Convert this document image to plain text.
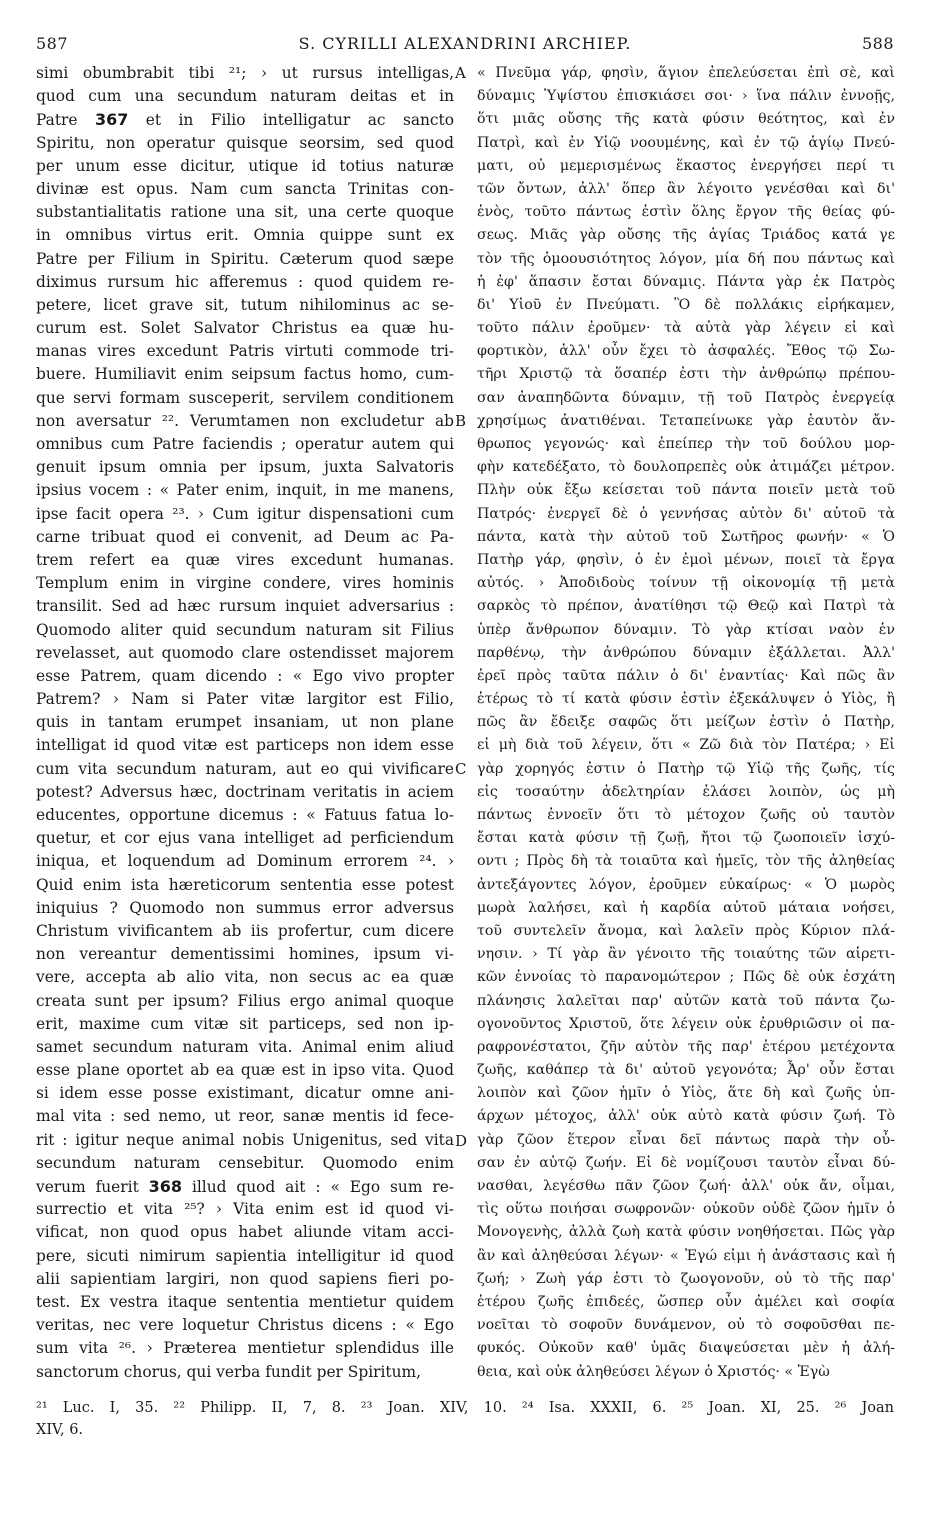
587	S. CYRILLI ALEXANDRINI ARCHIEP.	588
simi obumbrabit tibi ²¹; › ut rursus intelligas,
quod cum una secundum naturam deitas et in
Patre 367 et in Filio intelligatur ac sancto
Spiritu, non operatur quisque seorsim, sed quod
per unum esse dicitur, utique id totius naturæ
divinæ est opus. Nam cum sancta Trinitas con-
substantialitatis ratione una sit, una certe quoque
in omnibus virtus erit. Omnia quippe sunt ex
Patre per Filium in Spiritu. Cæterum quod sæpe
diximus rursum hic afferemus : quod quidem re-
petere, licet grave sit, tutum nihilominus ac se-
curum est. Solet Salvator Christus ea quæ hu-
manas vires excedunt Patris virtuti commode tri-
buere. Humiliavit enim seipsum factus homo, cum-
que servi formam susceperit, servilem conditionem
non aversatur ²². Verumtamen non excludetur ab
omnibus cum Patre faciendis ; operatur autem qui
genuit ipsum omnia per ipsum, juxta Salvatoris
ipsius vocem : « Pater enim, inquit, in me manens,
ipse facit opera ²³. › Cum igitur dispensationi cum
carne tribuat quod ei convenit, ad Deum ac Pa-
trem refert ea quæ vires excedunt humanas.
Templum enim in virgine condere, vires hominis
transilit. Sed ad hæc rursum inquiet adversarius :
Quomodo aliter quid secundum naturam sit Filius
revelasset, aut quomodo clare ostendisset majorem
esse Patrem, quam dicendo : « Ego vivo propter
Patrem? › Nam si Pater vitæ largitor est Filio,
quis in tantam erumpet insaniam, ut non plane
intelligat id quod vitæ est particeps non idem esse
cum vita secundum naturam, aut eo qui vivificare
potest? Adversus hæc, doctrinam veritatis in aciem
educentes, opportune dicemus : « Fatuus fatua lo-
quetur, et cor ejus vana intelliget ad perficiendum
iniqua, et loquendum ad Dominum errorem ²⁴. ›
Quid enim ista hæreticorum sententia esse potest
iniquius ? Quomodo non summus error adversus
Christum vivificantem ab iis profertur, cum dicere
non vereantur dementissimi homines, ipsum vi-
vere, accepta ab alio vita, non secus ac ea quæ
creata sunt per ipsum? Filius ergo animal quoque
erit, maxime cum vitæ sit particeps, sed non ip-
samet secundum naturam vita. Animal enim aliud
esse plane oportet ab ea quæ est in ipso vita. Quod
si idem esse posse existimant, dicatur omne ani-
mal vita : sed nemo, ut reor, sanæ mentis id fece-
rit : igitur neque animal nobis Unigenitus, sed vita
secundum naturam censebitur. Quomodo enim
verum fuerit 368 illud quod ait : « Ego sum re-
surrectio et vita ²⁵? › Vita enim est id quod vi-
vificat, non quod opus habet aliunde vitam acci-
pere, sicuti nimirum sapientia intelligitur id quod
alii sapientiam largiri, non quod sapiens fieri po-
test. Ex vestra itaque sententia mentietur quidem
veritas, nec vere loquetur Christus dicens : « Ego
sum vita ²⁶. › Præterea mentietur splendidus ille
sanctorum chorus, qui verba fundit per Spiritum,
« Πνεῦμα γάρ, φησὶν, ἅγιον ἐπελεύσεται ἐπὶ σὲ, καὶ
δύναμις Ὑψίστου ἐπισκιάσει σοι· › ἵνα πάλιν ἐννοῇς,
ὅτι μιᾶς οὔσης τῆς κατὰ φύσιν θεότητος, καὶ ἐν
Πατρὶ, καὶ ἐν Υἱῷ νοουμένης, καὶ ἐν τῷ ἁγίῳ Πνεύ-
ματι, οὐ μεμερισμένως ἕκαστος ἐνεργήσει περί τι
τῶν ὄντων, ἀλλ' ὅπερ ἂν λέγοιτο γενέσθαι καὶ δι'
ἑνὸς, τοῦτο πάντως ἐστὶν ὅλης ἔργον τῆς θείας φύ-
σεως. Μιᾶς γὰρ οὔσης τῆς ἁγίας Τριάδος κατά γε
τὸν τῆς ὁμοουσιότητος λόγον, μία δή που πάντως καὶ
ἡ ἐφ' ἅπασιν ἔσται δύναμις. Πάντα γὰρ ἐκ Πατρὸς
δι' Υἱοῦ ἐν Πνεύματι. Ὃ δὲ πολλάκις εἰρήκαμεν,
τοῦτο πάλιν ἐροῦμεν· τὰ αὐτὰ γὰρ λέγειν εἰ καὶ
φορτικὸν, ἀλλ' οὖν ἔχει τὸ ἀσφαλές. Ἔθος τῷ Σω-
τῆρι Χριστῷ τὰ ὅσαπέρ ἐστι τὴν ἀνθρώπῳ πρέπου-
σαν ἀναπηδῶντα δύναμιν, τῇ τοῦ Πατρὸς ἐνεργείᾳ
χρησίμως ἀνατιθέναι. Τεταπείνωκε γὰρ ἑαυτὸν ἄν-
θρωπος γεγονώς· καὶ ἐπείπερ τὴν τοῦ δούλου μορ-
φὴν κατεδέξατο, τὸ δουλοπρεπὲς οὐκ ἀτιμάζει μέτρον.
Πλὴν οὐκ ἔξω κείσεται τοῦ πάντα ποιεῖν μετὰ τοῦ
Πατρός· ἐνεργεῖ δὲ ὁ γεννήσας αὐτὸν δι' αὐτοῦ τὰ
πάντα, κατὰ τὴν αὐτοῦ τοῦ Σωτῆρος φωνήν· « Ὁ
Πατὴρ γάρ, φησὶν, ὁ ἐν ἐμοὶ μένων, ποιεῖ τὰ ἔργα
αὐτός. › Ἀποδιδοὺς τοίνυν τῇ οἰκονομίᾳ τῇ μετὰ
σαρκὸς τὸ πρέπον, ἀνατίθησι τῷ Θεῷ καὶ Πατρὶ τὰ
ὑπὲρ ἄνθρωπον δύναμιν. Τὸ γὰρ κτίσαι ναὸν ἐν
παρθένῳ, τὴν ἀνθρώπου δύναμιν ἐξάλλεται. Ἀλλ'
ἐρεῖ πρὸς ταῦτα πάλιν ὁ δι' ἐναντίας· Καὶ πῶς ἂν
ἑτέρως τὸ τί κατὰ φύσιν ἐστὶν ἐξεκάλυψεν ὁ Υἱὸς, ἢ
πῶς ἂν ἔδειξε σαφῶς ὅτι μείζων ἐστὶν ὁ Πατὴρ,
εἰ μὴ διὰ τοῦ λέγειν, ὅτι « Ζῶ διὰ τὸν Πατέρα; › Εἰ
γὰρ χορηγός ἐστιν ὁ Πατὴρ τῷ Υἱῷ τῆς ζωῆς, τίς
εἰς τοσαύτην ἀδελτηρίαν ἐλάσει λοιπὸν, ὡς μὴ
πάντως ἐννοεῖν ὅτι τὸ μέτοχον ζωῆς οὐ ταυτὸν
ἔσται κατὰ φύσιν τῇ ζωῇ, ἤτοι τῷ ζωοποιεῖν ἰσχύ-
οντι ; Πρὸς δὴ τὰ τοιαῦτα καὶ ἡμεῖς, τὸν τῆς ἀληθείας
ἀντεξάγοντες λόγον, ἐροῦμεν εὐκαίρως· « Ὁ μωρὸς
μωρὰ λαλήσει, καὶ ἡ καρδία αὐτοῦ μάταια νοήσει,
τοῦ συντελεῖν ἄνομα, καὶ λαλεῖν πρὸς Κύριον πλά-
νησιν. › Τί γὰρ ἂν γένοιτο τῆς τοιαύτης τῶν αἱρετι-
κῶν ἐννοίας τὸ παρανομώτερον ; Πῶς δὲ οὐκ ἐσχάτη
πλάνησις λαλεῖται παρ' αὐτῶν κατὰ τοῦ πάντα ζω-
ογονοῦντος Χριστοῦ, ὅτε λέγειν οὐκ ἐρυθριῶσιν οἱ πα-
ραφρονέστατοι, ζῆν αὐτὸν τῆς παρ' ἑτέρου μετέχοντα
ζωῆς, καθάπερ τὰ δι' αὐτοῦ γεγονότα; Ἆρ' οὖν ἔσται
λοιπὸν καὶ ζῶον ἡμῖν ὁ Υἱὸς, ἅτε δὴ καὶ ζωῆς ὑπ-
άρχων μέτοχος, ἀλλ' οὐκ αὐτὸ κατὰ φύσιν ζωή. Τὸ
γὰρ ζῶον ἕτερον εἶναι δεῖ πάντως παρὰ τὴν οὖ-
σαν ἐν αὐτῷ ζωήν. Εἰ δὲ νομίζουσι ταυτὸν εἶναι δύ-
νασθαι, λεγέσθω πᾶν ζῶον ζωή· ἀλλ' οὐκ ἄν, οἶμαι,
τὶς οὕτω ποιήσαι σωφρονῶν· οὐκοῦν οὐδὲ ζῶον ἡμῖν ὁ
Μονογενὴς, ἀλλὰ ζωὴ κατὰ φύσιν νοηθήσεται. Πῶς γὰρ
ἂν καὶ ἀληθεύσαι λέγων· « Ἐγώ εἰμι ἡ ἀνάστασις καὶ ἡ
ζωή; › Ζωὴ γάρ ἐστι τὸ ζωογονοῦν, οὐ τὸ τῆς παρ'
ἑτέρου ζωῆς ἐπιδεές, ὥσπερ οὖν ἀμέλει καὶ σοφία
νοεῖται τὸ σοφοῦν δυνάμενον, οὐ τὸ σοφοῦσθαι πε-
φυκός. Οὐκοῦν καθ' ὑμᾶς διαψεύσεται μὲν ἡ ἀλή-
θεια, καὶ οὐκ ἀληθεύσει λέγων ὁ Χριστός· « Ἐγὼ
A
B
C
D
²¹ Luc. I, 35. ²² Philipp. II, 7, 8. ²³ Joan. XIV, 10. ²⁴ Isa. XXXII, 6. ²⁵ Joan. XI, 25. ²⁶ Joan
XIV, 6.
